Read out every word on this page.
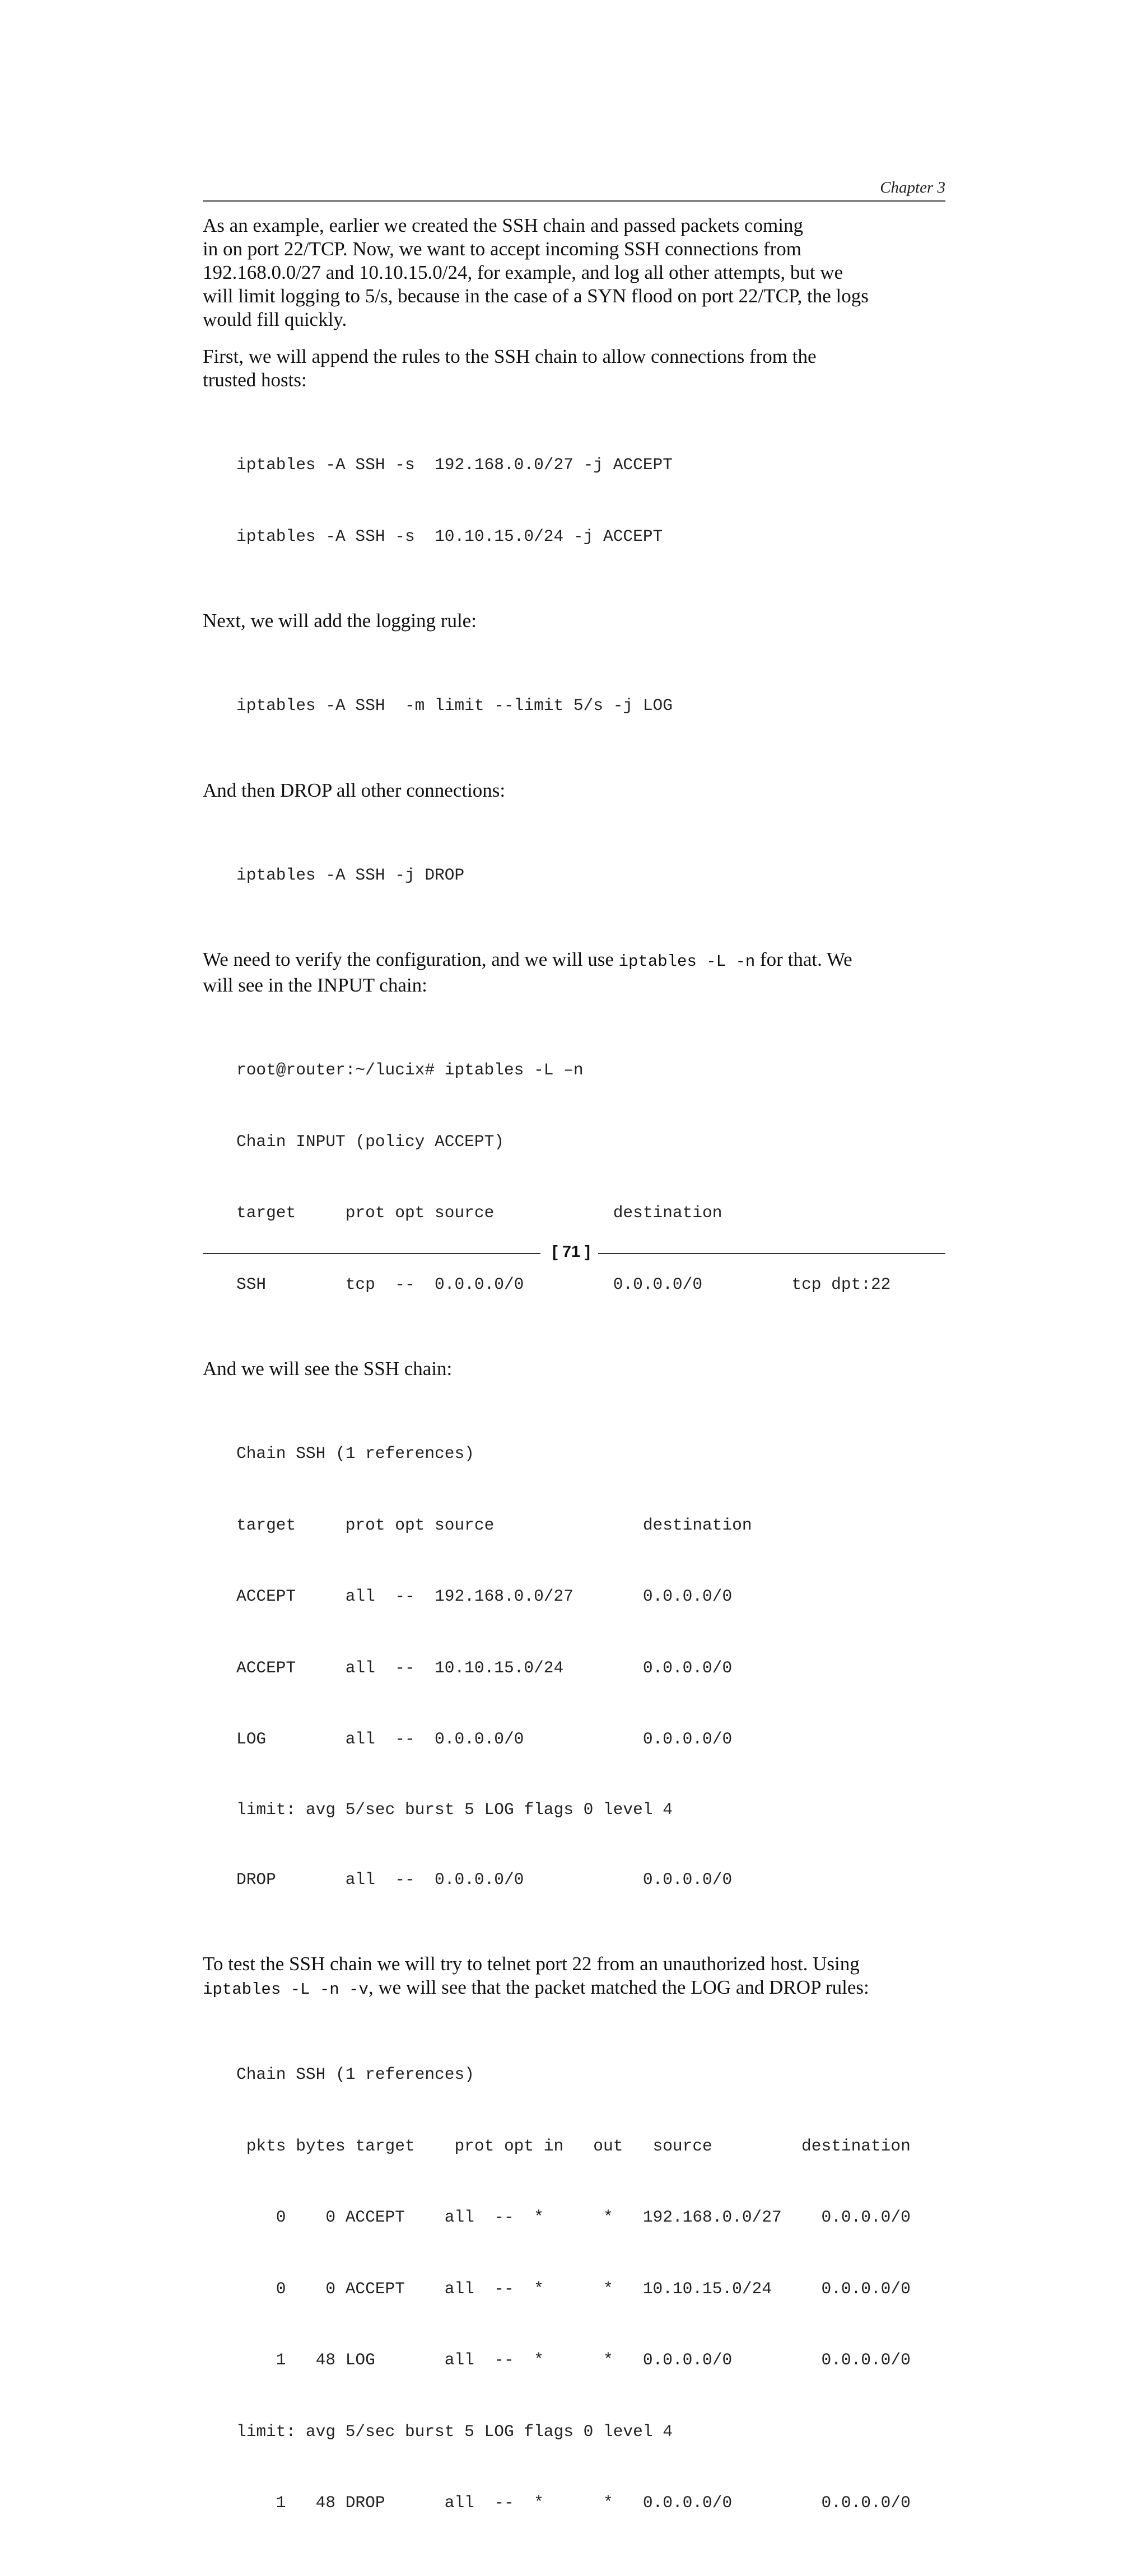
Chapter 3

As an example, earlier we created the SSH chain and passed packets coming
in on port 22/TCP. Now, we want to accept incoming SSH connections from
192.168.0.0/27 and 10.10.15.0/24, for example, and log all other attempts, but we
will limit logging to 5/s, because in the case of a SYN flood on port 22/TCP, the logs
would fill quickly.

First, we will append the rules to the SSH chain to allow connections from the
trusted hosts:

iptables -A SSH -s  192.168.0.0/27 -j ACCEPT

iptables -A SSH -s  10.10.15.0/24 -j ACCEPT

Next, we will add the logging rule:

iptables -A SSH  -m limit --limit 5/s -j LOG

And then DROP all other connections:

iptables -A SSH -j DROP

We need to verify the configuration, and we will use iptables -L -n for that. We
will see in the INPUT chain:

root@router:~/lucix# iptables -L –n

Chain INPUT (policy ACCEPT)

target     prot opt source            destination

SSH        tcp  --  0.0.0.0/0         0.0.0.0/0         tcp dpt:22

And we will see the SSH chain:

Chain SSH (1 references)

target     prot opt source               destination

ACCEPT     all  --  192.168.0.0/27       0.0.0.0/0

ACCEPT     all  --  10.10.15.0/24        0.0.0.0/0

LOG        all  --  0.0.0.0/0            0.0.0.0/0

limit: avg 5/sec burst 5 LOG flags 0 level 4

DROP       all  --  0.0.0.0/0            0.0.0.0/0

To test the SSH chain we will try to telnet port 22 from an unauthorized host. Using
iptables -L -n -v, we will see that the packet matched the LOG and DROP rules:

Chain SSH (1 references)

pkts bytes target    prot opt in   out   source         destination

0    0 ACCEPT    all  --  *      *   192.168.0.0/27    0.0.0.0/0

0    0 ACCEPT    all  --  *      *   10.10.15.0/24     0.0.0.0/0

1   48 LOG       all  --  *      *   0.0.0.0/0         0.0.0.0/0

limit: avg 5/sec burst 5 LOG flags 0 level 4

1   48 DROP      all  --  *      *   0.0.0.0/0         0.0.0.0/0

[ 71 ]
